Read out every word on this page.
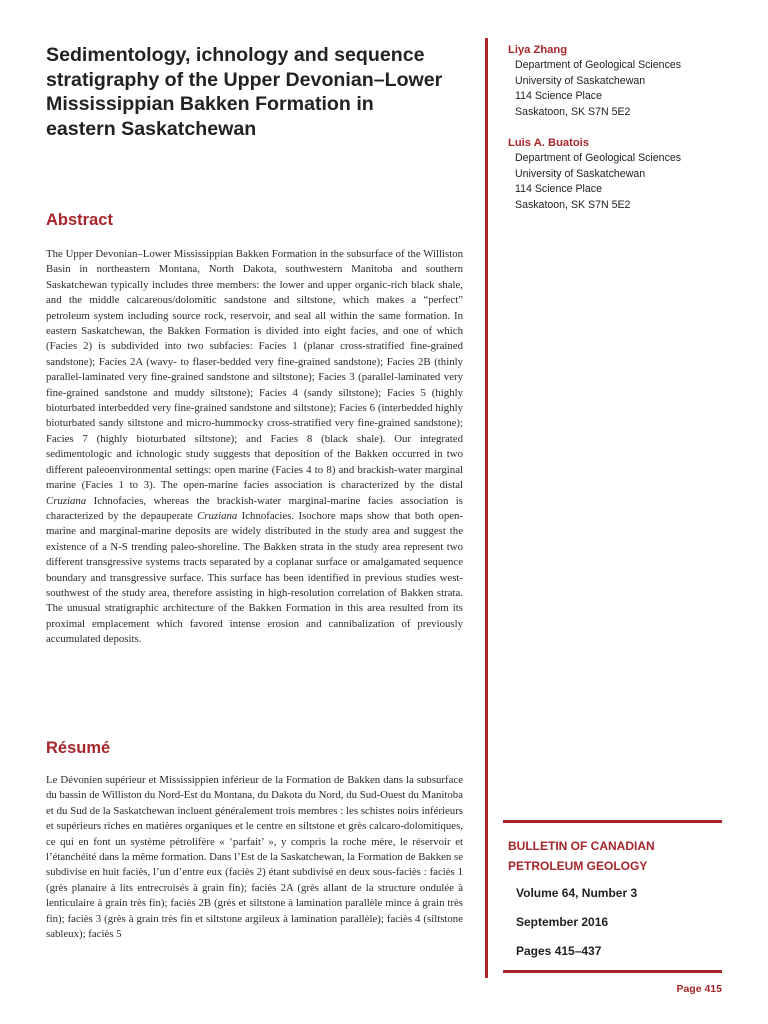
Sedimentology, ichnology and sequence stratigraphy of the Upper Devonian–Lower Mississippian Bakken Formation in eastern Saskatchewan
Abstract

The Upper Devonian–Lower Mississippian Bakken Formation in the subsurface of the Williston Basin in northeastern Montana, North Dakota, southwestern Manitoba and southern Saskatchewan typically includes three members: the lower and upper organic-rich black shale, and the middle calcareous/dolomitic sandstone and siltstone, which makes a “perfect” petroleum system including source rock, reservoir, and seal all within the same formation. In eastern Saskatchewan, the Bakken Formation is divided into eight facies, and one of which (Facies 2) is subdivided into two subfacies: Facies 1 (planar cross-stratified fine-grained sandstone); Facies 2A (wavy- to flaser-bedded very fine-grained sandstone); Facies 2B (thinly parallel-laminated very fine-grained sandstone and siltstone); Facies 3 (parallel-laminated very fine-grained sandstone and muddy siltstone); Facies 4 (sandy siltstone); Facies 5 (highly bioturbated interbedded very fine-grained sandstone and siltstone); Facies 6 (interbedded highly bioturbated sandy siltstone and micro-hummocky cross-stratified very fine-grained sandstone); Facies 7 (highly bioturbated siltstone); and Facies 8 (black shale). Our integrated sedimentologic and ichnologic study suggests that deposition of the Bakken occurred in two different paleoenvironmental settings: open marine (Facies 4 to 8) and brackish-water marginal marine (Facies 1 to 3). The open-marine facies association is characterized by the distal Cruziana Ichnofacies, whereas the brackish-water marginal-marine facies association is characterized by the depauperate Cruziana Ichnofacies. Isochore maps show that both open-marine and marginal-marine deposits are widely distributed in the study area and suggest the existence of a N-S trending paleo-shoreline. The Bakken strata in the study area represent two different transgressive systems tracts separated by a coplanar surface or amalgamated sequence boundary and transgressive surface. This surface has been identified in previous studies west-southwest of the study area, therefore assisting in high-resolution correlation of Bakken strata. The unusual stratigraphic architecture of the Bakken Formation in this area resulted from its proximal emplacement which favored intense erosion and cannibalization of previously accumulated deposits.

Résumé

Le Dévonien supérieur et Mississippien inférieur de la Formation de Bakken dans la subsurface du bassin de Williston du Nord-Est du Montana, du Dakota du Nord, du Sud-Ouest du Manitoba et du Sud de la Saskatchewan incluent généralement trois membres : les schistes noirs inférieurs et supérieurs riches en matières organiques et le centre en siltstone et grès calcaro-dolomitiques, ce qui en font un système pétrolifère « ‘parfait’ », y compris la roche mère, le réservoir et l’étanchéité dans la même formation. Dans l’Est de la Saskatchewan, la Formation de Bakken se subdivise en huit faciès, l’un d’entre eux (faciès 2) étant subdivisé en deux sous-faciès : faciès 1 (grès planaire à lits entrecroisés à grain fin); faciès 2A (grès allant de la structure ondulée à lenticulaire à grain très fin); faciès 2B (grès et siltstone à lamination parallèle mince à grain très fin); faciès 3 (grès à grain très fin et siltstone argileux à lamination parallèle); faciès 4 (siltstone sableux); faciès 5

Liya Zhang

Department of Geological Sciences

University of Saskatchewan

114 Science Place

Saskatoon, SK S7N 5E2

Luis A. Buatois

Department of Geological Sciences

University of Saskatchewan

114 Science Place

Saskatoon, SK S7N 5E2

BULLETIN OF CANADIAN PETROLEUM GEOLOGY

Volume 64, Number 3

September 2016

Pages 415–437

Page 415
